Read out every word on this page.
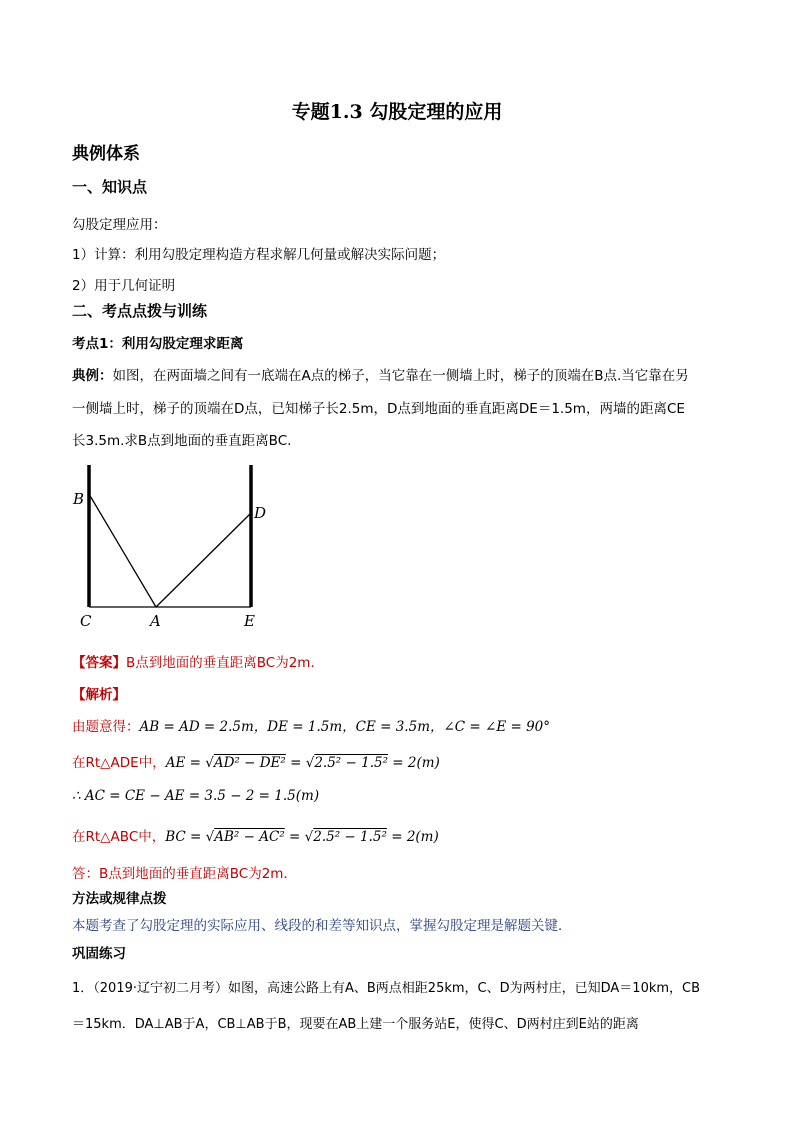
专题1.3 勾股定理的应用
典例体系
一、知识点
勾股定理应用：
1）计算：利用勾股定理构造方程求解几何量或解决实际问题；
2）用于几何证明
二、考点点拨与训练
考点1：利用勾股定理求距离
典例：如图，在两面墙之间有一底端在A点的梯子，当它靠在一侧墙上时，梯子的顶端在B点.当它靠在另
一侧墙上时，梯子的顶端在D点，已知梯子长2.5m，D点到地面的垂直距离DE＝1.5m，两墙的距离CE
长3.5m.求B点到地面的垂直距离BC.
B
C	A	E
D
【答案】B点到地面的垂直距离BC为2m．
【解析】
由题意得：AB = AD = 2.5m，DE = 1.5m，CE = 3.5m，∠C = ∠E = 90°
在Rt△ADE中，AE = √AD² − DE² = √2.5² − 1.5² = 2(m)
∴ AC = CE − AE = 3.5 − 2 = 1.5(m)
在Rt△ABC中，BC = √AB² − AC² = √2.5² − 1.5² = 2(m)
答：B点到地面的垂直距离BC为2m．
方法或规律点拨
本题考查了勾股定理的实际应用、线段的和差等知识点，掌握勾股定理是解题关键．
巩固练习
1．（2019·辽宁初二月考）如图，高速公路上有A、B两点相距25km，C、D为两村庄，已知DA＝10km，CB
＝15km．DA⊥AB于A，CB⊥AB于B，现要在AB上建一个服务站E，使得C、D两村庄到E站的距离
